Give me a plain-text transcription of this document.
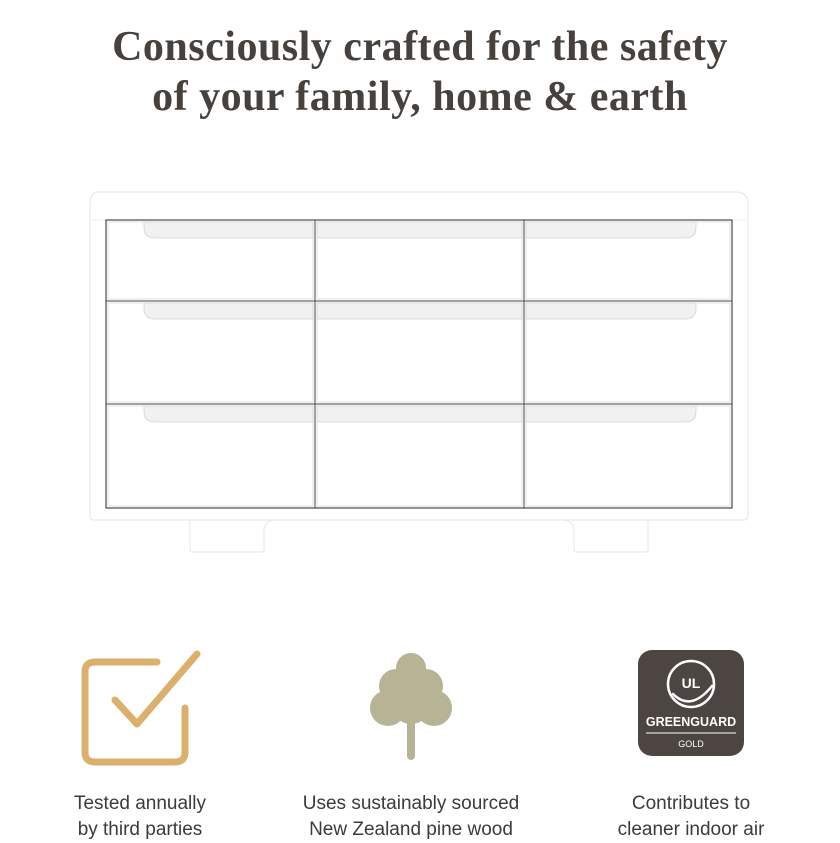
Consciously crafted for the safety
of your family, home & earth
Tested annually
by third parties
Uses sustainably sourced
New Zealand pine wood
UL
GREENGUARD
GOLD
Contributes to
cleaner indoor air
